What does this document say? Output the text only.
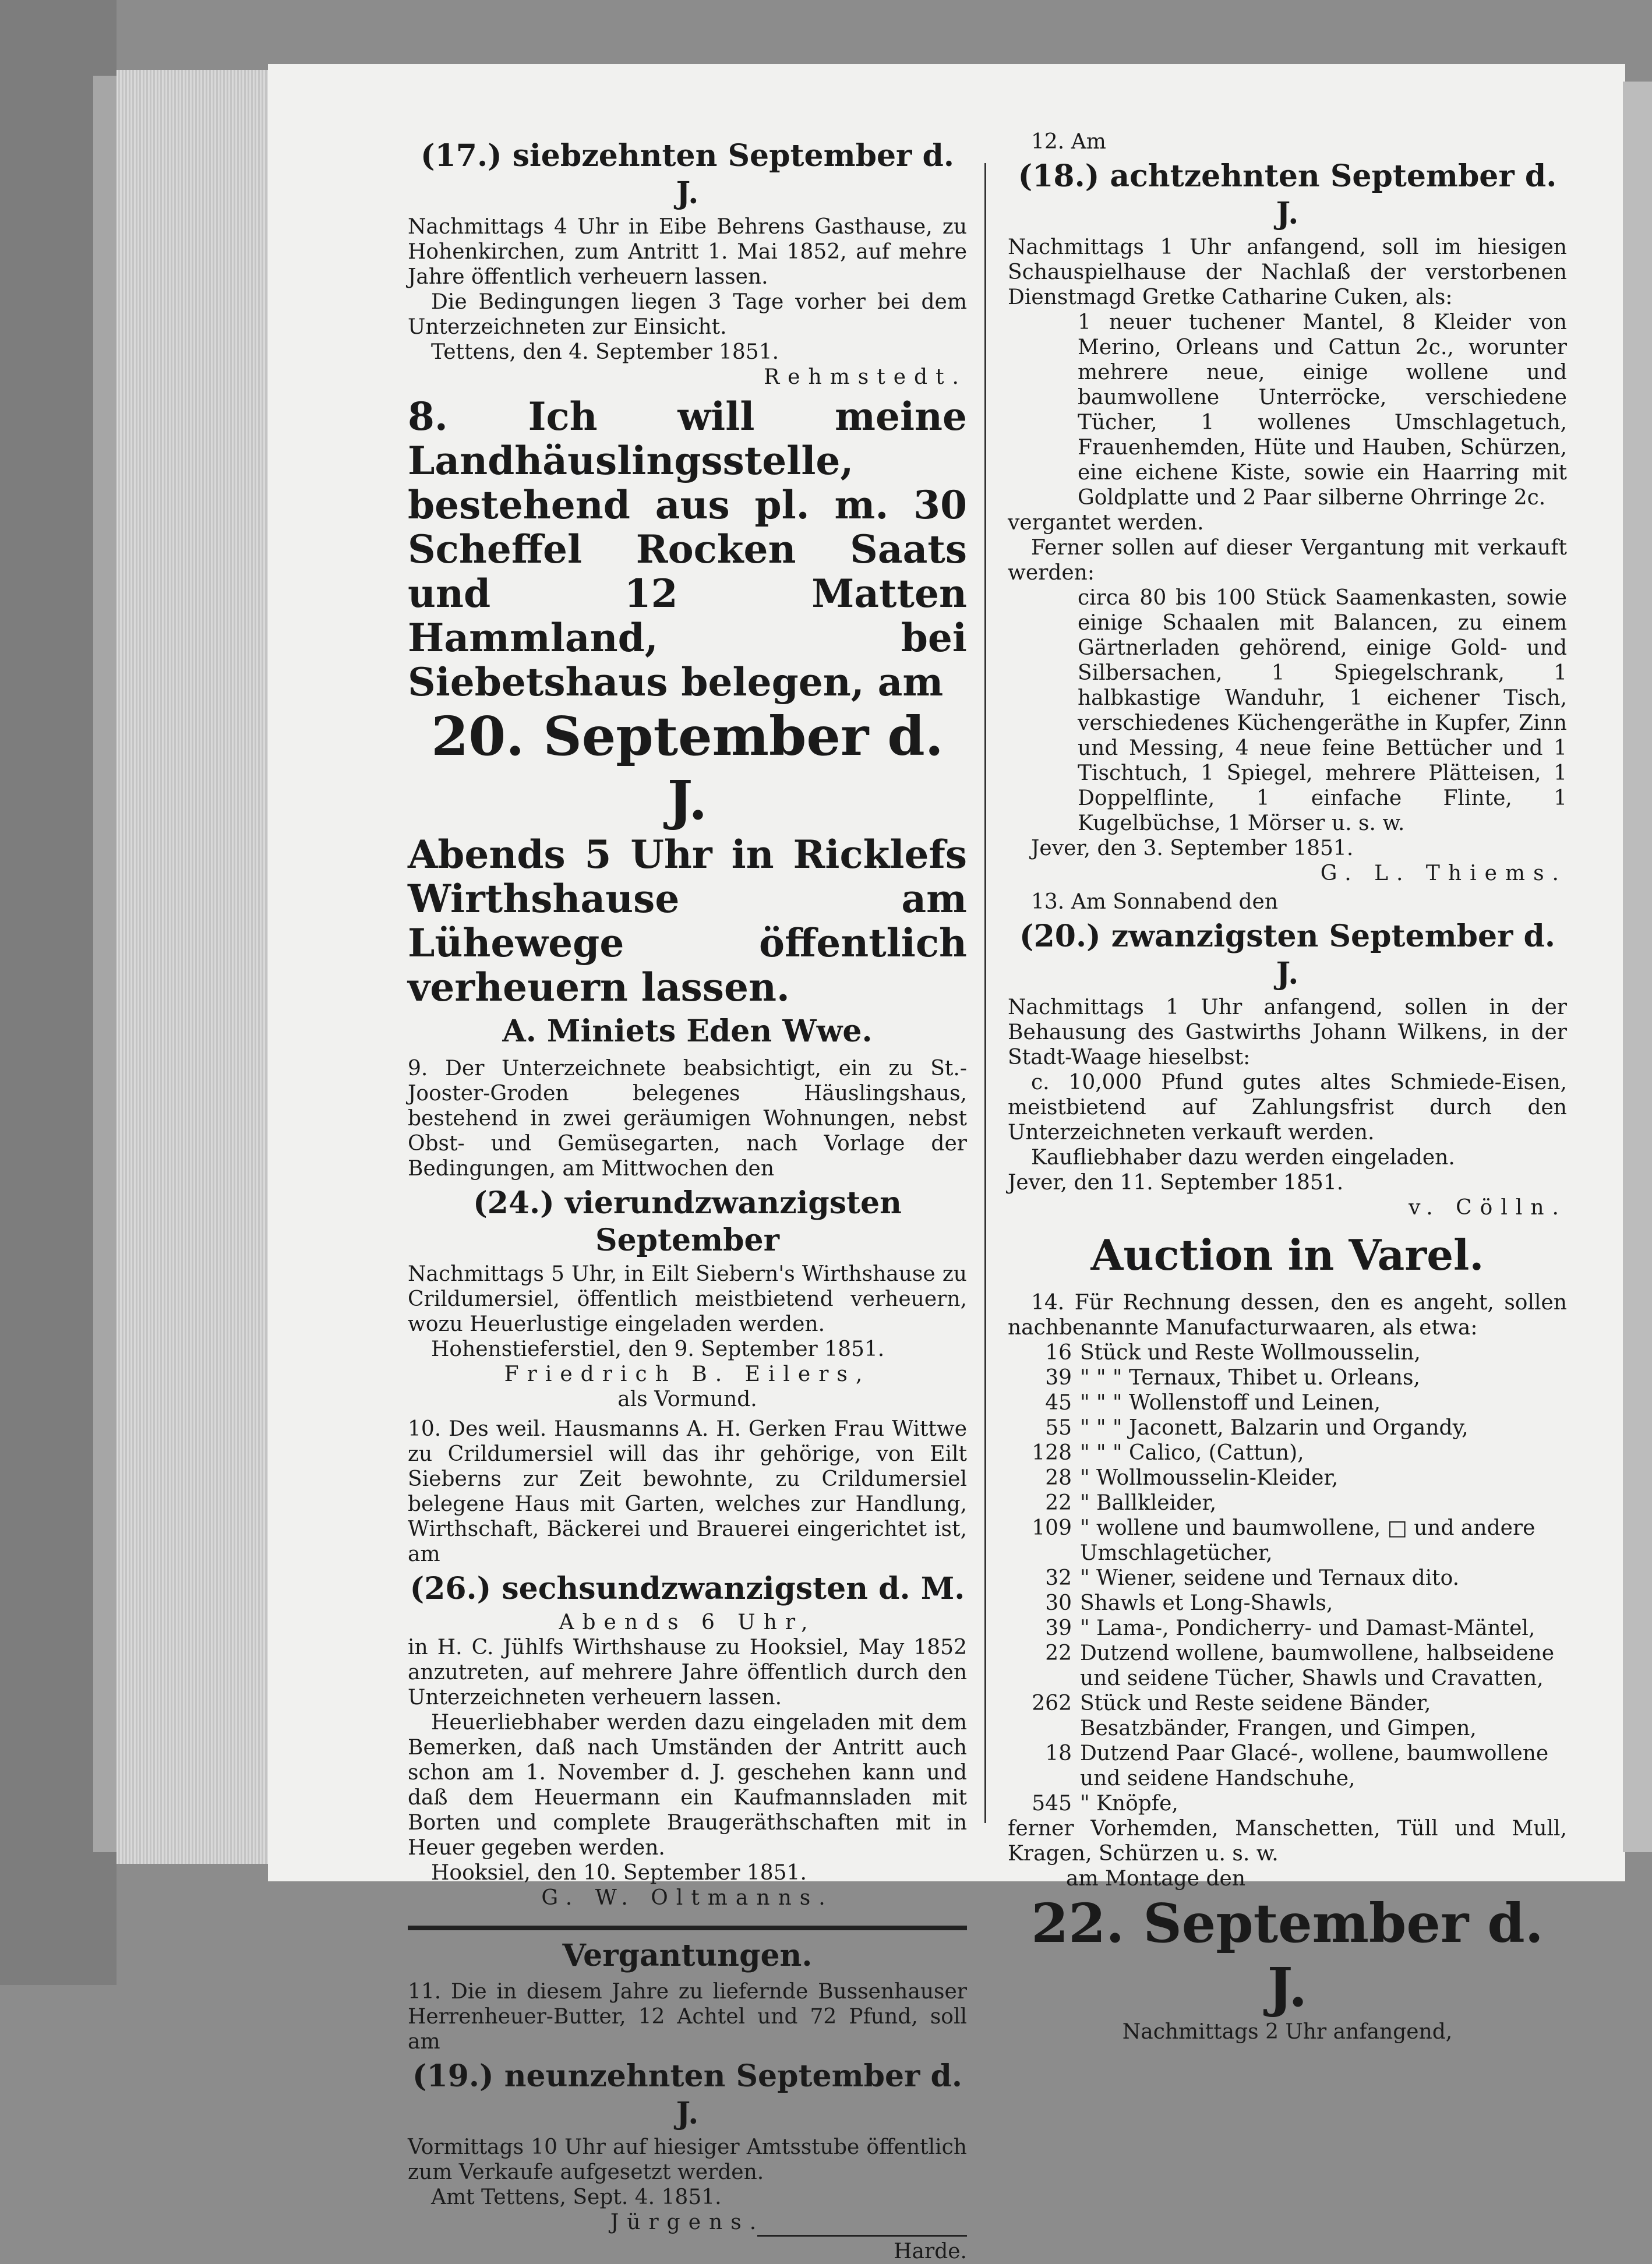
(17.) siebzehnten September d. J.

Nachmittags 4 Uhr in Eibe Behrens Gasthause, zu Hohenkirchen, zum Antritt 1. Mai 1852, auf mehre Jahre öffentlich verheuern lassen.

Die Bedingungen liegen 3 Tage vorher bei dem Unterzeichneten zur Einsicht.

Tettens, den 4. September 1851.

Rehmstedt.

8. Ich will meine Landhäuslingsstelle, bestehend aus pl. m. 30 Scheffel Rocken Saats und 12 Matten Hammland, bei Siebetshaus belegen, am

20. September d. J.

Abends 5 Uhr in Ricklefs Wirthshause am Lühewege öffentlich verheuern lassen.

A. Miniets Eden Wwe.

9. Der Unterzeichnete beabsichtigt, ein zu St.-Jooster-Groden belegenes Häuslingshaus, bestehend in zwei geräumigen Wohnungen, nebst Obst- und Gemüsegarten, nach Vorlage der Bedingungen, am Mittwochen den

(24.) vierundzwanzigsten September

Nachmittags 5 Uhr, in Eilt Siebern's Wirthshause zu Crildumersiel, öffentlich meistbietend verheuern, wozu Heuerlustige eingeladen werden.

Hohenstieferstiel, den 9. September 1851.

Friedrich B. Eilers,

als Vormund.

10. Des weil. Hausmanns A. H. Gerken Frau Wittwe zu Crildumersiel will das ihr gehörige, von Eilt Sieberns zur Zeit bewohnte, zu Crildumersiel belegene Haus mit Garten, welches zur Handlung, Wirthschaft, Bäckerei und Brauerei eingerichtet ist, am

(26.) sechsundzwanzigsten d. M.

Abends 6 Uhr,

in H. C. Jühlfs Wirthshause zu Hooksiel, May 1852 anzutreten, auf mehrere Jahre öffentlich durch den Unterzeichneten verheuern lassen.

Heuerliebhaber werden dazu eingeladen mit dem Bemerken, daß nach Umständen der Antritt auch schon am 1. November d. J. geschehen kann und daß dem Heuermann ein Kaufmannsladen mit Borten und complete Braugeräthschaften mit in Heuer gegeben werden.

Hooksiel, den 10. September 1851.

G. W. Oltmanns.

Vergantungen.

11. Die in diesem Jahre zu liefernde Bussenhauser Herrenheuer-Butter, 12 Achtel und 72 Pfund, soll am

(19.) neunzehnten September d. J.

Vormittags 10 Uhr auf hiesiger Amtsstube öffentlich zum Verkaufe aufgesetzt werden.

Amt Tettens, Sept. 4. 1851.

Jürgens.

Harde.

12. Am

(18.) achtzehnten September d. J.

Nachmittags 1 Uhr anfangend, soll im hiesigen Schauspielhause der Nachlaß der verstorbenen Dienstmagd Gretke Catharine Cuken, als:

1 neuer tuchener Mantel, 8 Kleider von Merino, Orleans und Cattun 2c., worunter mehrere neue, einige wollene und baumwollene Unterröcke, verschiedene Tücher, 1 wollenes Umschlagetuch, Frauenhemden, Hüte und Hauben, Schürzen, eine eichene Kiste, sowie ein Haarring mit Goldplatte und 2 Paar silberne Ohrringe 2c.

vergantet werden.

Ferner sollen auf dieser Vergantung mit verkauft werden:

circa 80 bis 100 Stück Saamenkasten, sowie einige Schaalen mit Balancen, zu einem Gärtnerladen gehörend, einige Gold- und Silbersachen, 1 Spiegelschrank, 1 halbkastige Wanduhr, 1 eichener Tisch, verschiedenes Küchengeräthe in Kupfer, Zinn und Messing, 4 neue feine Bettücher und 1 Tischtuch, 1 Spiegel, mehrere Plätteisen, 1 Doppelflinte, 1 einfache Flinte, 1 Kugelbüchse, 1 Mörser u. s. w.

Jever, den 3. September 1851.

G. L. Thiems.

13. Am Sonnabend den

(20.) zwanzigsten September d. J.

Nachmittags 1 Uhr anfangend, sollen in der Behausung des Gastwirths Johann Wilkens, in der Stadt-Waage hieselbst:

c. 10,000 Pfund gutes altes Schmiede-Eisen, meistbietend auf Zahlungsfrist durch den Unterzeichneten verkauft werden.

Kaufliebhaber dazu werden eingeladen.

Jever, den 11. September 1851.

v. Cölln.

Auction in Varel.

14. Für Rechnung dessen, den es angeht, sollen nachbenannte Manufacturwaaren, als etwa:

16 Stück und Reste Wollmousselin,
39 " " " Ternaux, Thibet u. Orleans,
45 " " " Wollenstoff und Leinen,
55 " " " Jaconett, Balzarin und Organdy,
128 " " " Calico, (Cattun),
28 " Wollmousselin-Kleider,
22 " Ballkleider,
109 " wollene und baumwollene, □ und andere Umschlagetücher,
32 " Wiener, seidene und Ternaux dito.
30 Shawls et Long-Shawls,
39 " Lama-, Pondicherry- und Damast-Mäntel,
22 Dutzend wollene, baumwollene, halbseidene und seidene Tücher, Shawls und Cravatten,
262 Stück und Reste seidene Bänder, Besatzbänder, Frangen, und Gimpen,
18 Dutzend Paar Glacé-, wollene, baumwollene und seidene Handschuhe,
545 " Knöpfe,

ferner Vorhemden, Manschetten, Tüll und Mull, Kragen, Schürzen u. s. w.

am Montage den

22. September d. J.

Nachmittags 2 Uhr anfangend,
